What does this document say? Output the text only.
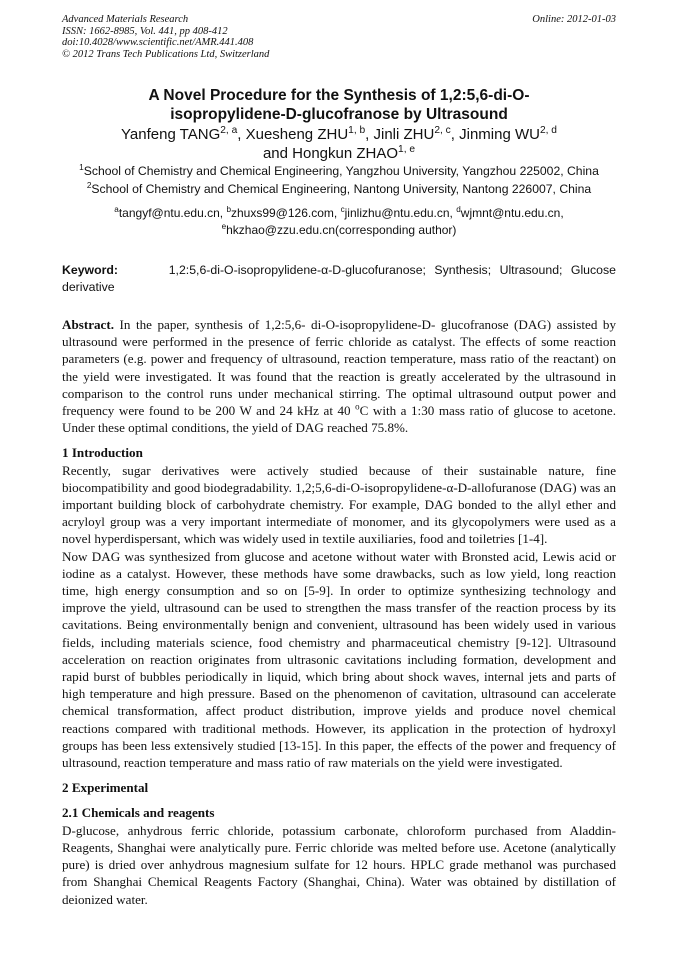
Advanced Materials Research
ISSN: 1662-8985, Vol. 441, pp 408-412
doi:10.4028/www.scientific.net/AMR.441.408
© 2012 Trans Tech Publications Ltd, Switzerland
Online: 2012-01-03
A Novel Procedure for the Synthesis of 1,2:5,6-di-O-
isopropylidene-D-glucofranose by Ultrasound
Yanfeng TANG$^{2, a}$, Xuesheng ZHU$^{1, b}$, Jinli ZHU$^{2, c}$, Jinming WU$^{2, d}$
and Hongkun ZHAO$^{1, e}$
$^1$School of Chemistry and Chemical Engineering, Yangzhou University, Yangzhou 225002, China
$^2$School of Chemistry and Chemical Engineering, Nantong University, Nantong 226007, China
$^a$tangyf@ntu.edu.cn, $^b$zhuxs99@126.com, $^c$jinlizhu@ntu.edu.cn, $^d$wjmnt@ntu.edu.cn,
$^e$hkzhao@zzu.edu.cn(corresponding author)
Keyword:	1,2:5,6-di-O-isopropylidene-α-D-glucofuranose; Synthesis; Ultrasound; Glucose derivative

Abstract. In the paper, synthesis of 1,2:5,6- di-O-isopropylidene-D- glucofranose (DAG) assisted by ultrasound were performed in the presence of ferric chloride as catalyst. The effects of some reaction parameters (e.g. power and frequency of ultrasound, reaction temperature, mass ratio of the reactant) on the yield were investigated. It was found that the reaction is greatly accelerated by the ultrasound in comparison to the control runs under mechanical stirring. The optimal ultrasound output power and frequency were found to be 200 W and 24 kHz at 40 $^o$C with a 1:30 mass ratio of glucose to acetone. Under these optimal conditions, the yield of DAG reached 75.8%.

1 Introduction

Recently, sugar derivatives were actively studied because of their sustainable nature, fine biocompatibility and good biodegradability. 1,2;5,6-di-O-isopropylidene-α-D-allofuranose (DAG) was an important building block of carbohydrate chemistry. For example, DAG bonded to the allyl ether and acryloyl group was a very important intermediate of monomer, and its glycopolymers were used as a novel hyperdispersant, which was widely used in textile auxiliaries, food and toiletries [1-4].

Now DAG was synthesized from glucose and acetone without water with Bronsted acid, Lewis acid or iodine as a catalyst. However, these methods have some drawbacks, such as low yield, long reaction time, high energy consumption and so on [5-9]. In order to optimize synthesizing technology and improve the yield, ultrasound can be used to strengthen the mass transfer of the reaction process by its cavitations. Being environmentally benign and convenient, ultrasound has been widely used in various fields, including materials science, food chemistry and pharmaceutical chemistry [9-12]. Ultrasound acceleration on reaction originates from ultrasonic cavitations including formation, development and rapid burst of bubbles periodically in liquid, which bring about shock waves, internal jets and parts of high temperature and high pressure. Based on the phenomenon of cavitation, ultrasound can accelerate chemical transformation, affect product distribution, improve yields and produce novel chemical reactions compared with traditional methods. However, its application in the protection of hydroxyl groups has been less extensively studied [13-15]. In this paper, the effects of the power and frequency of ultrasound, reaction temperature and mass ratio of raw materials on the yield were investigated.

2 Experimental
2.1 Chemicals and reagents

D-glucose, anhydrous ferric chloride, potassium carbonate, chloroform purchased from Aladdin-Reagents, Shanghai were analytically pure. Ferric chloride was melted before use. Acetone (analytically pure) is dried over anhydrous magnesium sulfate for 12 hours. HPLC grade methanol was purchased from Shanghai Chemical Reagents Factory (Shanghai, China). Water was obtained by distillation of deionized water.
